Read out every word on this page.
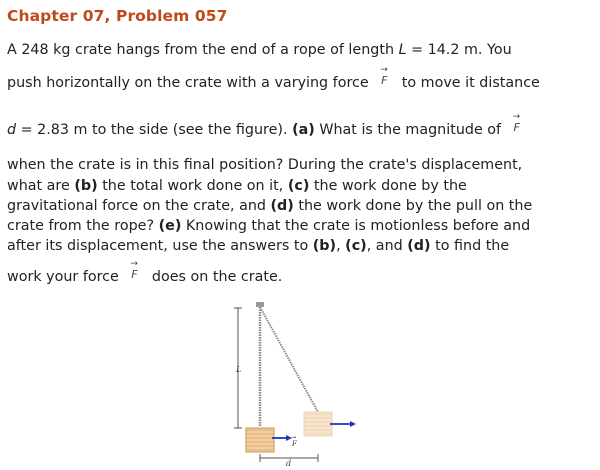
Chapter 07, Problem 057
A 248 kg crate hangs from the end of a rope of length L = 14.2 m. You
push horizontally on the crate with a varying force
→
F to move it distance
d = 2.83 m to the side (see the figure). (a) What is the magnitude of
→
F
when the crate is in this final position? During the crate's displacement,
what are (b) the total work done on it, (c) the work done by the
gravitational force on the crate, and (d) the work done by the pull on the
crate from the rope? (e) Knowing that the crate is motionless before and
after its displacement, use the answers to (b), (c), and (d) to find the
work your force
→
F does on the crate.
L
F
→
d
